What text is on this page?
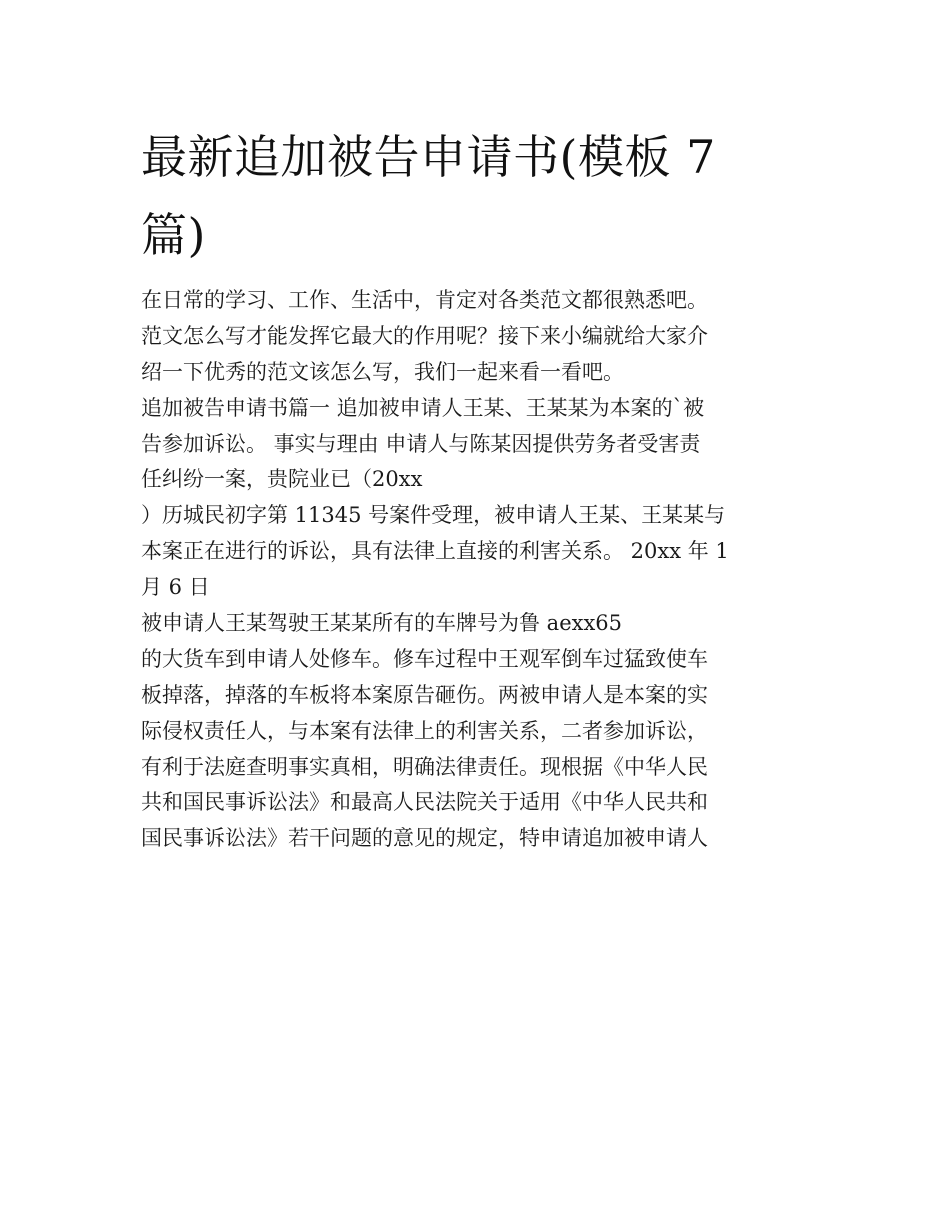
最新追加被告申请书(模板 7
篇)
在日常的学习、工作、生活中，肯定对各类范文都很熟悉吧。
范文怎么写才能发挥它最大的作用呢？接下来小编就给大家介
绍一下优秀的范文该怎么写，我们一起来看一看吧。
追加被告申请书篇一 追加被申请人王某、王某某为本案的`被
告参加诉讼。 事实与理由 申请人与陈某因提供劳务者受害责
任纠纷一案，贵院业已（20xx
）历城民初字第 11345 号案件受理，被申请人王某、王某某与
本案正在进行的诉讼，具有法律上直接的利害关系。 20xx 年 1
月 6 日
被申请人王某驾驶王某某所有的车牌号为鲁 aexx65
的大货车到申请人处修车。修车过程中王观军倒车过猛致使车
板掉落，掉落的车板将本案原告砸伤。两被申请人是本案的实
际侵权责任人，与本案有法律上的利害关系，二者参加诉讼，
有利于法庭查明事实真相，明确法律责任。现根据《中华人民
共和国民事诉讼法》和最高人民法院关于适用《中华人民共和
国民事诉讼法》若干问题的意见的规定，特申请追加被申请人
